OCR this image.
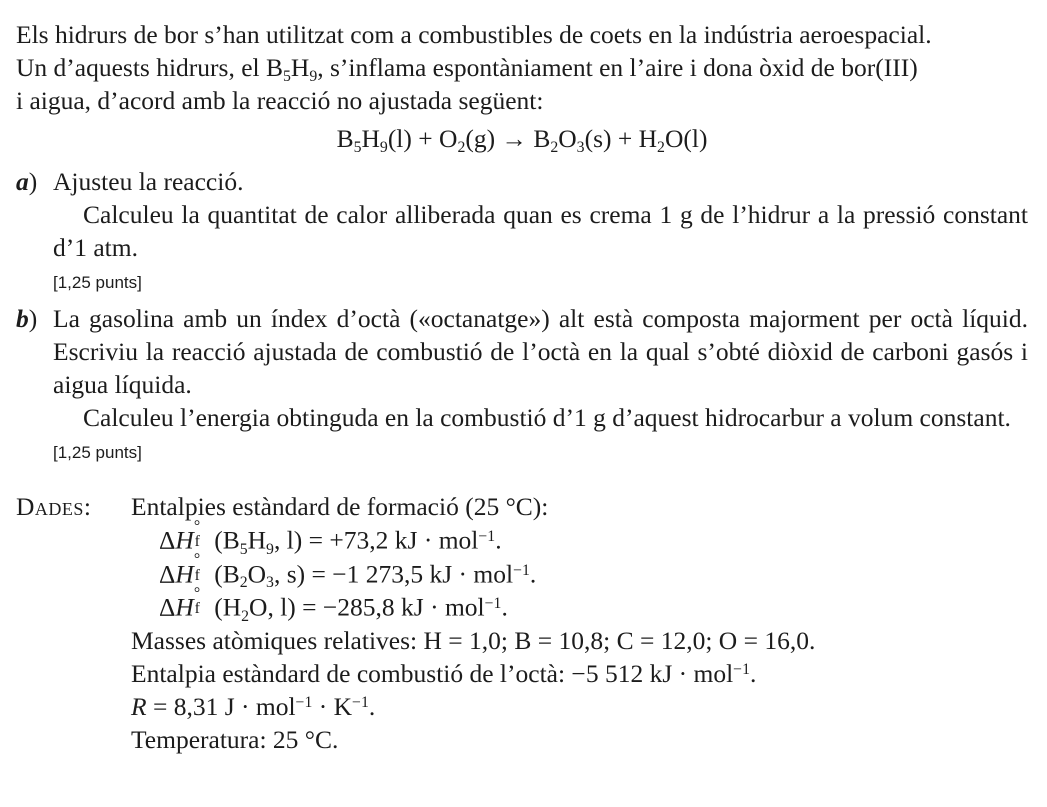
Els hidrurs de bor s’han utilitzat com a combustibles de coets en la indústria aeroespacial.

Un d’aquests hidrurs, el $B_5H_9$, s’inflama espontàniament en l’aire i dona òxid de bor(III)

i aigua, d’acord amb la reacció no ajustada següent:

$B_5H_9(l) + O_2(g) \to B_2O_3(s) + H_2O(l)$
a) Ajusteu la reacció.

Calculeu la quantitat de calor alliberada quan es crema 1 g de l’hidrur a la pressió constant d’1 atm.

[1,25 punts]
b) La gasolina amb un índex d’octà («octanatge») alt està composta majorment per octà líquid. Escriviu la reacció ajustada de combustió de l’octà en la qual s’obté diòxid de carboni gasós i aigua líquida.

Calculeu l’energia obtinguda en la combustió d’1 g d’aquest hidrocarbur a volum constant.

[1,25 punts]
Dades:	Entalpies estàndard de formació (25 °C):

ΔH °
f ($B_5H_9$, l) = +73,2 kJ · mol$^{-1}$.

ΔH °
f ($B_2O_3$, s) = −1 273,5 kJ · mol$^{-1}$.

ΔH °
f ($H_2O$, l) = −285,8 kJ · mol$^{-1}$.

Masses atòmiques relatives: H = 1,0; B = 10,8; C = 12,0; O = 16,0.

Entalpia estàndard de combustió de l’octà: −5 512 kJ · mol$^{-1}$.

R = 8,31 $J \cdot mol^{-1} \cdot K^{-1}$.

Temperatura: 25 °C.
